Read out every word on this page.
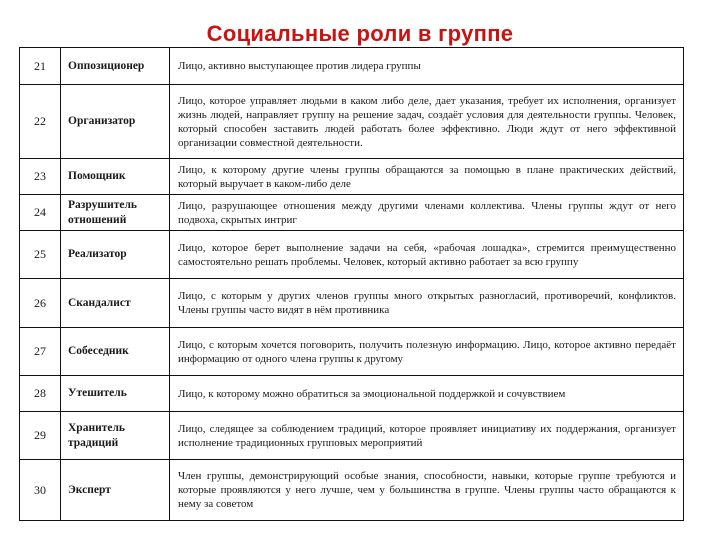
Социальные роли в группе
21	Оппозиционер	Лицо, активно выступающее против лидера группы
22	Организатор	Лицо, которое управляет людьми в каком либо деле, дает указания, требует их исполнения, организует жизнь людей, направляет группу на решение задач, создаёт условия для деятельности группы. Человек, который способен заставить людей работать более эффективно. Люди ждут от него эффективной организации совместной деятельности.
23	Помощник	Лицо, к которому другие члены группы обращаются за помощью в плане практических действий, который выручает в каком-либо деле
24	Разрушитель отношений	Лицо, разрушающее отношения между другими членами коллектива. Члены группы ждут от него подвоха, скрытых интриг
25	Реализатор	Лицо, которое берет выполнение задачи на себя, «рабочая лошадка», стремится преимущественно самостоятельно решать проблемы. Человек, который активно работает за всю группу
26	Скандалист	Лицо, с которым у других членов группы много открытых разногласий, противоречий, конфликтов. Члены группы часто видят в нём противника
27	Собеседник	Лицо, с которым хочется поговорить, получить полезную информацию. Лицо, которое активно передаёт информацию от одного члена группы к другому
28	Утешитель	Лицо, к которому можно обратиться за эмоциональной поддержкой и сочувствием
29	Хранитель традиций	Лицо, следящее за соблюдением традиций, которое проявляет инициативу их поддержания, организует исполнение традиционных групповых мероприятий
30	Эксперт	Член группы, демонстрирующий особые знания, способности, навыки, которые группе требуются и которые проявляются у него лучше, чем у большинства в группе. Члены группы часто обращаются к нему за советом
